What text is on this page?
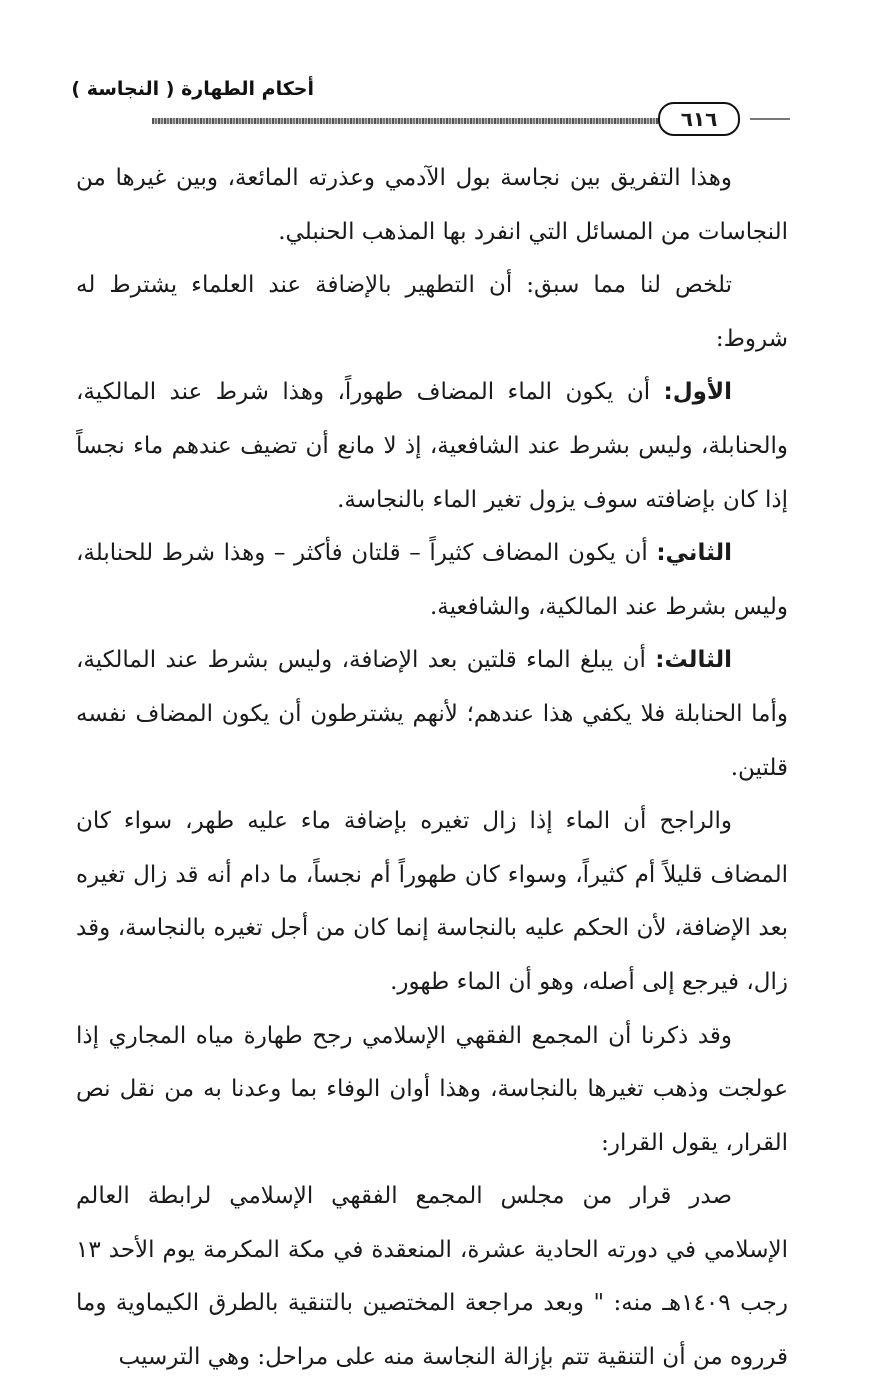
أحكام الطهارة ( النجاسة )
٦١٦

وهذا التفريق بين نجاسة بول الآدمي وعذرته المائعة، وبين غيرها من النجاسات من المسائل التي انفرد بها المذهب الحنبلي.

تلخص لنا مما سبق: أن التطهير بالإضافة عند العلماء يشترط له شروط:

الأول: أن يكون الماء المضاف طهوراً، وهذا شرط عند المالكية، والحنابلة، وليس بشرط عند الشافعية، إذ لا مانع أن تضيف عندهم ماء نجساً إذا كان بإضافته سوف يزول تغير الماء بالنجاسة.

الثاني: أن يكون المضاف كثيراً – قلتان فأكثر – وهذا شرط للحنابلة، وليس بشرط عند المالكية، والشافعية.

الثالث: أن يبلغ الماء قلتين بعد الإضافة، وليس بشرط عند المالكية، وأما الحنابلة فلا يكفي هذا عندهم؛ لأنهم يشترطون أن يكون المضاف نفسه قلتين.

والراجح أن الماء إذا زال تغيره بإضافة ماء عليه طهر، سواء كان المضاف قليلاً أم كثيراً، وسواء كان طهوراً أم نجساً، ما دام أنه قد زال تغيره بعد الإضافة، لأن الحكم عليه بالنجاسة إنما كان من أجل تغيره بالنجاسة، وقد زال، فيرجع إلى أصله، وهو أن الماء طهور.

وقد ذكرنا أن المجمع الفقهي الإسلامي رجح طهارة مياه المجاري إذا عولجت وذهب تغيرها بالنجاسة، وهذا أوان الوفاء بما وعدنا به من نقل نص القرار، يقول القرار:

صدر قرار من مجلس المجمع الفقهي الإسلامي لرابطة العالم الإسلامي في دورته الحادية عشرة، المنعقدة في مكة المكرمة يوم الأحد ١٣ رجب ١٤٠٩هـ منه: " وبعد مراجعة المختصين بالتنقية بالطرق الكيماوية وما قرروه من أن التنقية تتم بإزالة النجاسة منه على مراحل: وهي الترسيب
